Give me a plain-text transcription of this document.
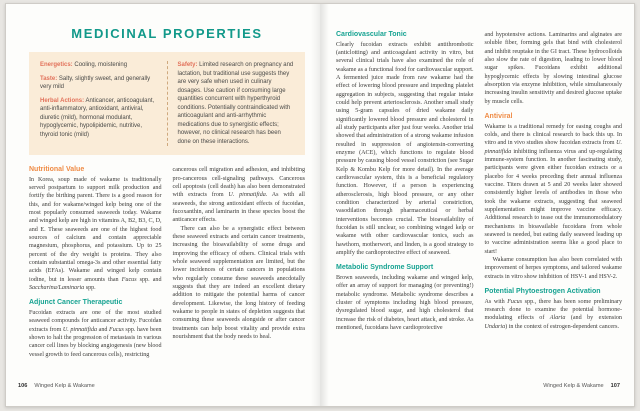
MEDICINAL PROPERTIES

Energetics: Cooling, moistening

Taste: Salty, slightly sweet, and generally very mild

Herbal Actions: Anticancer, anticoagulant, anti-inflammatory, antioxidant, antiviral, diuretic (mild), hormonal modulant, hypoglycemic, hypolipidemic, nutritive, thyroid tonic (mild)

Safety: Limited research on pregnancy and lactation, but traditional use suggests they are very safe when used in culinary dosages. Use caution if consuming large quantities concurrent with hyperthyroid conditions. Potentially contraindicated with anticoagulant and anti-arrhythmic medications due to synergistic effects; however, no clinical research has been done on these interactions.

Nutritional Value

In Korea, soup made of wakame is traditionally served postpartum to support milk production and fortify the birthing parent. There is a good reason for this, and for wakame/winged kelp being one of the most popularly consumed seaweeds today. Wakame and winged kelp are high in vitamins A, B2, B3, C, D, and E. These seaweeds are one of the highest food sources of calcium and contain appreciable magnesium, phosphorus, and potassium. Up to 25 percent of the dry weight is proteins. They also contain substantial omega-3s and other essential fatty acids (EFAs). Wakame and winged kelp contain iodine, but in lesser amounts than Fucus spp. and Saccharina/Laminaria spp.

Adjunct Cancer Therapeutic

Fucoidan extracts are one of the most studied seaweed compounds for anticancer activity. Fucoidan extracts from U. pinnatifida and Fucus spp. have been shown to halt the progression of metastasis in various cancer cell lines by blocking angiogenesis (new blood vessel growth to feed cancerous cells), restricting

cancerous cell migration and adhesion, and inhibiting pro-cancerous cell-signaling pathways. Cancerous cell apoptosis (cell death) has also been demonstrated with extracts from U. pinnatifida. As with all seaweeds, the strong antioxidant effects of fucoidan, fucoxanthin, and laminarin in these species boost the anticancer effects.

There can also be a synergistic effect between these seaweed extracts and certain cancer treatments, increasing the bioavailability of some drugs and improving the efficacy of others. Clinical trials with whole seaweed supplementation are limited, but the lower incidences of certain cancers in populations who regularly consume these seaweeds anecdotally suggests that they are indeed an excellent dietary addition to mitigate the potential harms of cancer development. Likewise, the long history of feeding wakame to people in states of depletion suggests that consuming these seaweeds alongside or after cancer treatments can help boost vitality and provide extra nourishment that the body needs to heal.

106 Winged Kelp & Wakame
Cardiovascular Tonic

Clearly fucoidan extracts exhibit antithrombotic (anticlotting) and anticoagulant activity in vitro, but several clinical trials have also examined the role of wakame as a functional food for cardiovascular support. A fermented juice made from raw wakame had the effect of lowering blood pressure and impeding platelet aggregation in subjects, suggesting that regular intake could help prevent arteriosclerosis. Another small study using 5-gram capsules of dried wakame daily significantly lowered blood pressure and cholesterol in all study participants after just four weeks. Another trial showed that administration of a strong wakame infusion resulted in suppression of angiotensin-converting enzyme (ACE), which functions to regulate blood pressure by causing blood vessel constriction (see Sugar Kelp & Kombu Kelp for more detail). In the average cardiovascular system, this is a beneficial regulatory function. However, if a person is experiencing atherosclerosis, high blood pressure, or any other condition characterized by arterial constriction, vasodilation through pharmaceutical or herbal interventions becomes crucial. The bioavailability of fucoidan is still unclear, so combining winged kelp or wakame with other cardiovascular tonics, such as hawthorn, motherwort, and linden, is a good strategy to amplify the cardioprotective effect of seaweed.

Metabolic Syndrome Support

Brown seaweeds, including wakame and winged kelp, offer an array of support for managing (or preventing!) metabolic syndrome. Metabolic syndrome describes a cluster of symptoms including high blood pressure, dysregulated blood sugar, and high cholesterol that increase the risk of diabetes, heart attack, and stroke. As mentioned, fucoidans have cardioprotective

and hypotensive actions. Laminarins and alginates are soluble fiber, forming gels that bind with cholesterol and inhibit reuptake in the GI tract. These hydrocolloids also slow the rate of digestion, leading to lower blood sugar spikes. Fucoidans exhibit additional hypoglycemic effects by slowing intestinal glucose absorption via enzyme inhibition, while simultaneously increasing insulin sensitivity and desired glucose uptake by muscle cells.

Antiviral

Wakame is a traditional remedy for easing coughs and colds, and there is clinical research to back this up. In vitro and in vivo studies show fucoidan extracts from U. pinnatifida inhibiting influenza virus and up-regulating immune-system function. In another fascinating study, participants were given either fucoidan extracts or a placebo for 4 weeks preceding their annual influenza vaccine. Titers drawn at 5 and 20 weeks later showed consistently higher levels of antibodies in those who took the wakame extracts, suggesting that seaweed supplementation might improve vaccine efficacy. Additional research to tease out the immunomodulatory mechanisms in bioavailable fucoidans from whole seaweed is needed, but eating daily seaweed leading up to vaccine administration seems like a good place to start!

Wakame consumption has also been correlated with improvement of herpes symptoms, and tailored wakame extracts in vitro show inhibition of HSV-1 and HSV-2.

Potential Phytoestrogen Activation

As with Fucus spp., there has been some preliminary research done to examine the potential hormone-modulating effects of Alaria (and by extension Undaria) in the context of estrogen-dependent cancers.

Winged Kelp & Wakame 107
